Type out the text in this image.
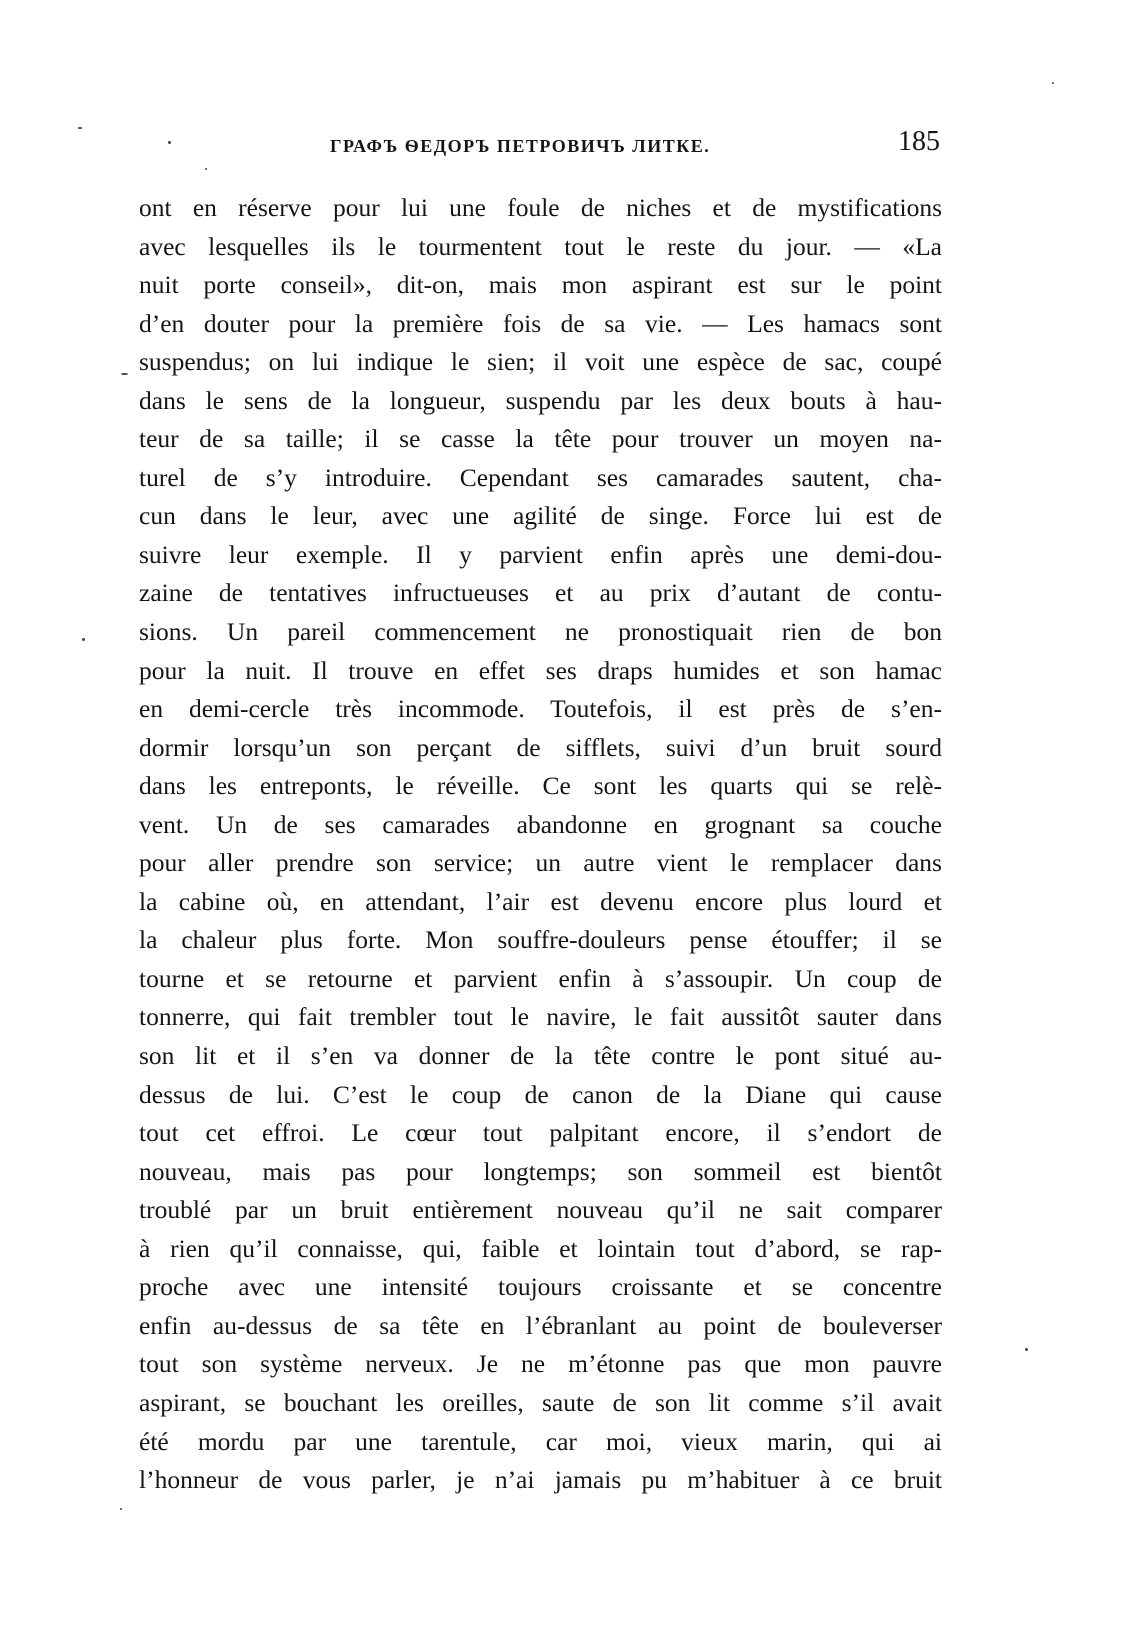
ГРАФЪ ѲЕДОРЪ ПЕТРОВИЧЪ ЛИТКЕ.	185
ont en réserve pour lui une foule de niches et de mystifications
avec lesquelles ils le tourmentent tout le reste du jour. — «La
nuit porte conseil», dit-on, mais mon aspirant est sur le point
d’en douter pour la première fois de sa vie. — Les hamacs sont
suspendus; on lui indique le sien; il voit une espèce de sac, coupé
dans le sens de la longueur, suspendu par les deux bouts à hau-
teur de sa taille; il se casse la tête pour trouver un moyen na-
turel de s’y introduire. Cependant ses camarades sautent, cha-
cun dans le leur, avec une agilité de singe. Force lui est de
suivre leur exemple. Il y parvient enfin après une demi-dou-
zaine de tentatives infructueuses et au prix d’autant de contu-
sions. Un pareil commencement ne pronostiquait rien de bon
pour la nuit. Il trouve en effet ses draps humides et son hamac
en demi-cercle très incommode. Toutefois, il est près de s’en-
dormir lorsqu’un son perçant de sifflets, suivi d’un bruit sourd
dans les entreponts, le réveille. Ce sont les quarts qui se relè-
vent. Un de ses camarades abandonne en grognant sa couche
pour aller prendre son service; un autre vient le remplacer dans
la cabine où, en attendant, l’air est devenu encore plus lourd et
la chaleur plus forte. Mon souffre-douleurs pense étouffer; il se
tourne et se retourne et parvient enfin à s’assoupir. Un coup de
tonnerre, qui fait trembler tout le navire, le fait aussitôt sauter dans
son lit et il s’en va donner de la tête contre le pont situé au-
dessus de lui. C’est le coup de canon de la Diane qui cause
tout cet effroi. Le cœur tout palpitant encore, il s’endort de
nouveau, mais pas pour longtemps; son sommeil est bientôt
troublé par un bruit entièrement nouveau qu’il ne sait comparer
à rien qu’il connaisse, qui, faible et lointain tout d’abord, se rap-
proche avec une intensité toujours croissante et se concentre
enfin au-dessus de sa tête en l’ébranlant au point de bouleverser
tout son système nerveux. Je ne m’étonne pas que mon pauvre
aspirant, se bouchant les oreilles, saute de son lit comme s’il avait
été mordu par une tarentule, car moi, vieux marin, qui ai
l’honneur de vous parler, je n’ai jamais pu m’habituer à ce bruit
